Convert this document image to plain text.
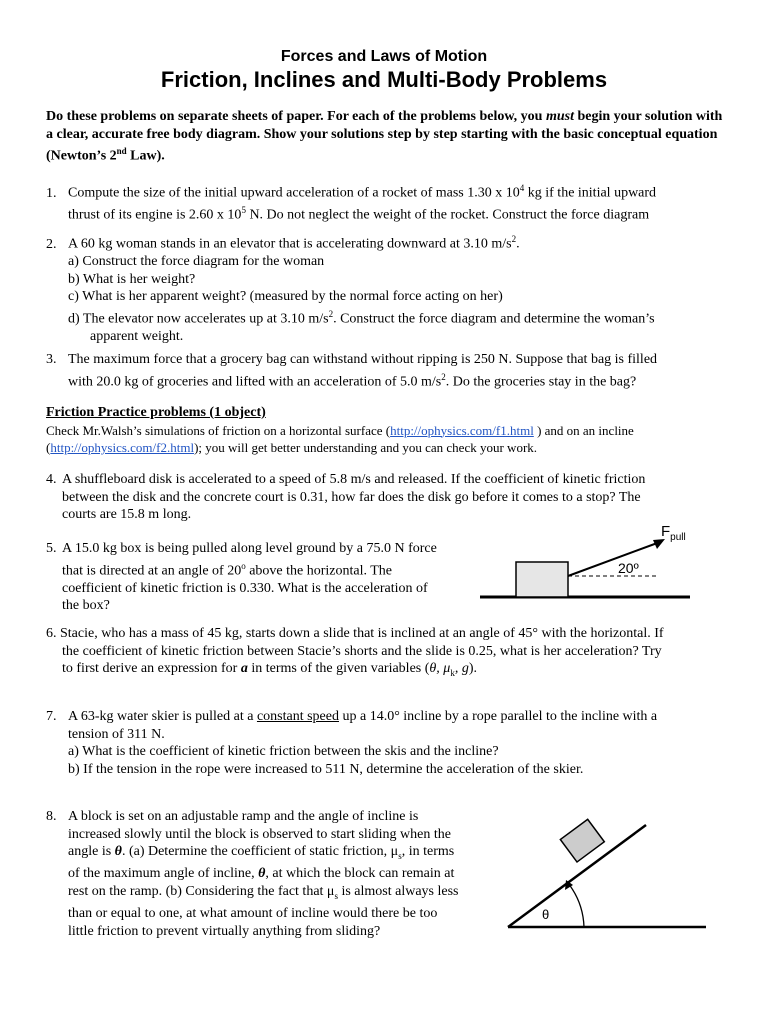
Forces and Laws of Motion
Friction, Inclines and Multi-Body Problems
Do these problems on separate sheets of paper. For each of the problems below, you must begin your solution with a clear, accurate free body diagram. Show your solutions step by step starting with the basic conceptual equation (Newton’s 2nd Law).
1. Compute the size of the initial upward acceleration of a rocket of mass 1.30 x $10^4$ kg if the initial upward
thrust of its engine is 2.60 x $10^5$ N. Do not neglect the weight of the rocket. Construct the force diagram
2. A 60 kg woman stands in an elevator that is accelerating downward at 3.10 $m/s^2$.
a) Construct the force diagram for the woman
b) What is her weight?
c) What is her apparent weight? (measured by the normal force acting on her)
d) The elevator now accelerates up at 3.10 $m/s^2$. Construct the force diagram and determine the woman’s
apparent weight.
3. The maximum force that a grocery bag can withstand without ripping is 250 N. Suppose that bag is filled
with 20.0 kg of groceries and lifted with an acceleration of 5.0 $m/s^2$. Do the groceries stay in the bag?
Friction Practice problems (1 object)
Check Mr.Walsh’s simulations of friction on a horizontal surface (http://ophysics.com/f1.html ) and on an incline
(http://ophysics.com/f2.html); you will get better understanding and you can check your work.
4. A shuffleboard disk is accelerated to a speed of 5.8 m/s and released. If the coefficient of kinetic friction
between the disk and the concrete court is 0.31, how far does the disk go before it comes to a stop? The
courts are 15.8 m long.
5. A 15.0 kg box is being pulled along level ground by a 75.0 N force
that is directed at an angle of 20$^o$ above the horizontal. The
coefficient of kinetic friction is 0.330. What is the acceleration of
the box?
$F_{pull}$
20º
6. Stacie, who has a mass of 45 kg, starts down a slide that is inclined at an angle of 45° with the horizontal. If
the coefficient of kinetic friction between Stacie’s shorts and the slide is 0.25, what is her acceleration? Try
to first derive an expression for a in terms of the given variables (θ, $\mu_k$, g).
7. A 63-kg water skier is pulled at a constant speed up a 14.0° incline by a rope parallel to the incline with a
tension of 311 N.
a) What is the coefficient of kinetic friction between the skis and the incline?
b) If the tension in the rope were increased to 511 N, determine the acceleration of the skier.
8. A block is set on an adjustable ramp and the angle of incline is
increased slowly until the block is observed to start sliding when the
angle is θ. (a) Determine the coefficient of static friction, $\mu_s$, in terms
of the maximum angle of incline, θ, at which the block can remain at
rest on the ramp. (b) Considering the fact that $\mu_s$ is almost always less
than or equal to one, at what amount of incline would there be too
little friction to prevent virtually anything from sliding?
θ
